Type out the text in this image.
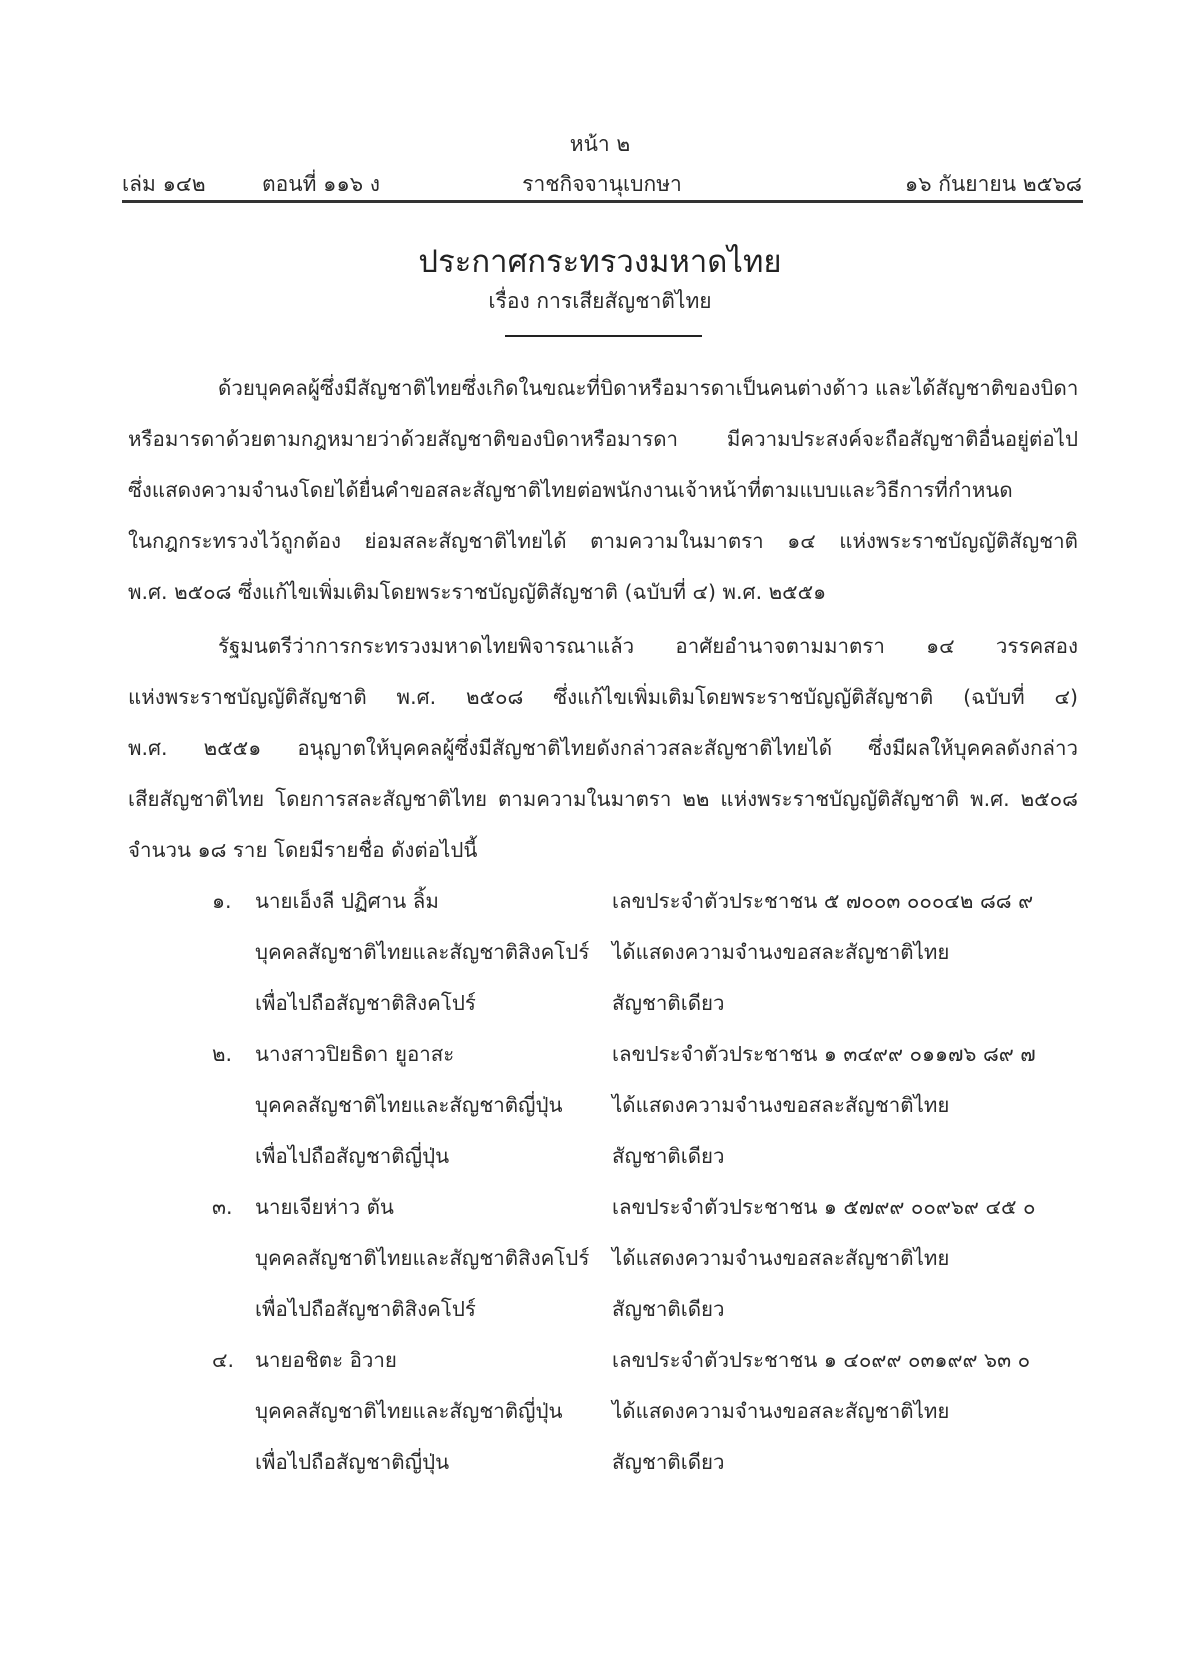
หน้า ๒
เล่ม ๑๔๒	ตอนที่ ๑๑๖ ง	ราชกิจจานุเบกษา	๑๖ กันยายน ๒๕๖๘
ประกาศกระทรวงมหาดไทย
เรื่อง การเสียสัญชาติไทย
ด้วยบุคคลผู้ซึ่งมีสัญชาติไทยซึ่งเกิดในขณะที่บิดาหรือมารดาเป็นคนต่างด้าว และได้สัญชาติของบิดา
หรือมารดาด้วยตามกฎหมายว่าด้วยสัญชาติของบิดาหรือมารดา มีความประสงค์จะถือสัญชาติอื่นอยู่ต่อไป
ซึ่งแสดงความจำนงโดยได้ยื่นคำขอสละสัญชาติไทยต่อพนักงานเจ้าหน้าที่ตามแบบและวิธีการที่กำหนด
ในกฎกระทรวงไว้ถูกต้อง ย่อมสละสัญชาติไทยได้ ตามความในมาตรา ๑๔ แห่งพระราชบัญญัติสัญชาติ
พ.ศ. ๒๕๐๘ ซึ่งแก้ไขเพิ่มเติมโดยพระราชบัญญัติสัญชาติ (ฉบับที่ ๔) พ.ศ. ๒๕๕๑
รัฐมนตรีว่าการกระทรวงมหาดไทยพิจารณาแล้ว อาศัยอำนาจตามมาตรา ๑๔ วรรคสอง
แห่งพระราชบัญญัติสัญชาติ พ.ศ. ๒๕๐๘ ซึ่งแก้ไขเพิ่มเติมโดยพระราชบัญญัติสัญชาติ (ฉบับที่ ๔)
พ.ศ. ๒๕๕๑ อนุญาตให้บุคคลผู้ซึ่งมีสัญชาติไทยดังกล่าวสละสัญชาติไทยได้ ซึ่งมีผลให้บุคคลดังกล่าว
เสียสัญชาติไทย โดยการสละสัญชาติไทย ตามความในมาตรา ๒๒ แห่งพระราชบัญญัติสัญชาติ พ.ศ. ๒๕๐๘
จำนวน ๑๘ ราย โดยมีรายชื่อ ดังต่อไปนี้
๑. นายเอ็งลี ปฏิศาน ลิ้ม	เลขประจำตัวประชาชน ๕ ๗๐๐๓ ๐๐๐๔๒ ๘๘ ๙
บุคคลสัญชาติไทยและสัญชาติสิงคโปร์ ได้แสดงความจำนงขอสละสัญชาติไทย
เพื่อไปถือสัญชาติสิงคโปร์	สัญชาติเดียว
๒. นางสาวปิยธิดา ยูอาสะ	เลขประจำตัวประชาชน ๑ ๓๔๙๙ ๐๑๑๗๖ ๘๙ ๗
บุคคลสัญชาติไทยและสัญชาติญี่ปุ่น ได้แสดงความจำนงขอสละสัญชาติไทย
เพื่อไปถือสัญชาติญี่ปุ่น	สัญชาติเดียว
๓. นายเจียห่าว ตัน	เลขประจำตัวประชาชน ๑ ๕๗๙๙ ๐๐๙๖๙ ๔๕ ๐
บุคคลสัญชาติไทยและสัญชาติสิงคโปร์ ได้แสดงความจำนงขอสละสัญชาติไทย
เพื่อไปถือสัญชาติสิงคโปร์	สัญชาติเดียว
๔. นายอชิตะ อิวาย	เลขประจำตัวประชาชน ๑ ๔๐๙๙ ๐๓๑๙๙ ๖๓ ๐
บุคคลสัญชาติไทยและสัญชาติญี่ปุ่น ได้แสดงความจำนงขอสละสัญชาติไทย
เพื่อไปถือสัญชาติญี่ปุ่น	สัญชาติเดียว
